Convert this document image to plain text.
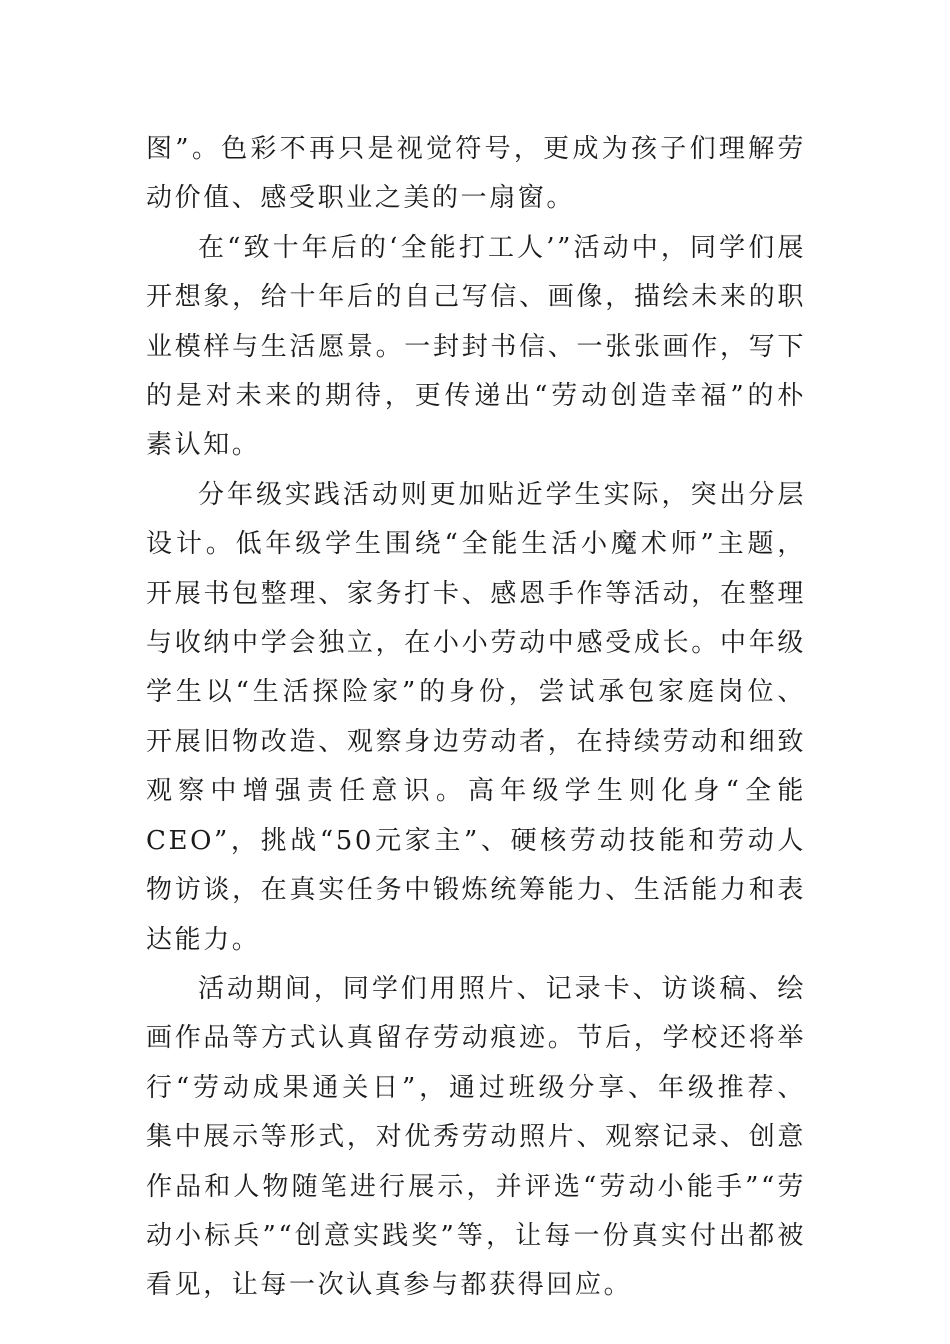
图”。色彩不再只是视觉符号，更成为孩子们理解劳动价值、感受职业之美的一扇窗。

在“致十年后的‘全能打工人’”活动中，同学们展开想象，给十年后的自己写信、画像，描绘未来的职业模样与生活愿景。一封封书信、一张张画作，写下的是对未来的期待，更传递出“劳动创造幸福”的朴素认知。

分年级实践活动则更加贴近学生实际，突出分层设计。低年级学生围绕“全能生活小魔术师”主题，开展书包整理、家务打卡、感恩手作等活动，在整理与收纳中学会独立，在小小劳动中感受成长。中年级学生以“生活探险家”的身份，尝试承包家庭岗位、开展旧物改造、观察身边劳动者，在持续劳动和细致观察中增强责任意识。高年级学生则化身“全能CEO”，挑战“50元家主”、硬核劳动技能和劳动人物访谈，在真实任务中锻炼统筹能力、生活能力和表达能力。

活动期间，同学们用照片、记录卡、访谈稿、绘画作品等方式认真留存劳动痕迹。节后，学校还将举行“劳动成果通关日”，通过班级分享、年级推荐、集中展示等形式，对优秀劳动照片、观察记录、创意作品和人物随笔进行展示，并评选“劳动小能手”“劳动小标兵”“创意实践奖”等，让每一份真实付出都被看见，让每一次认真参与都获得回应。
